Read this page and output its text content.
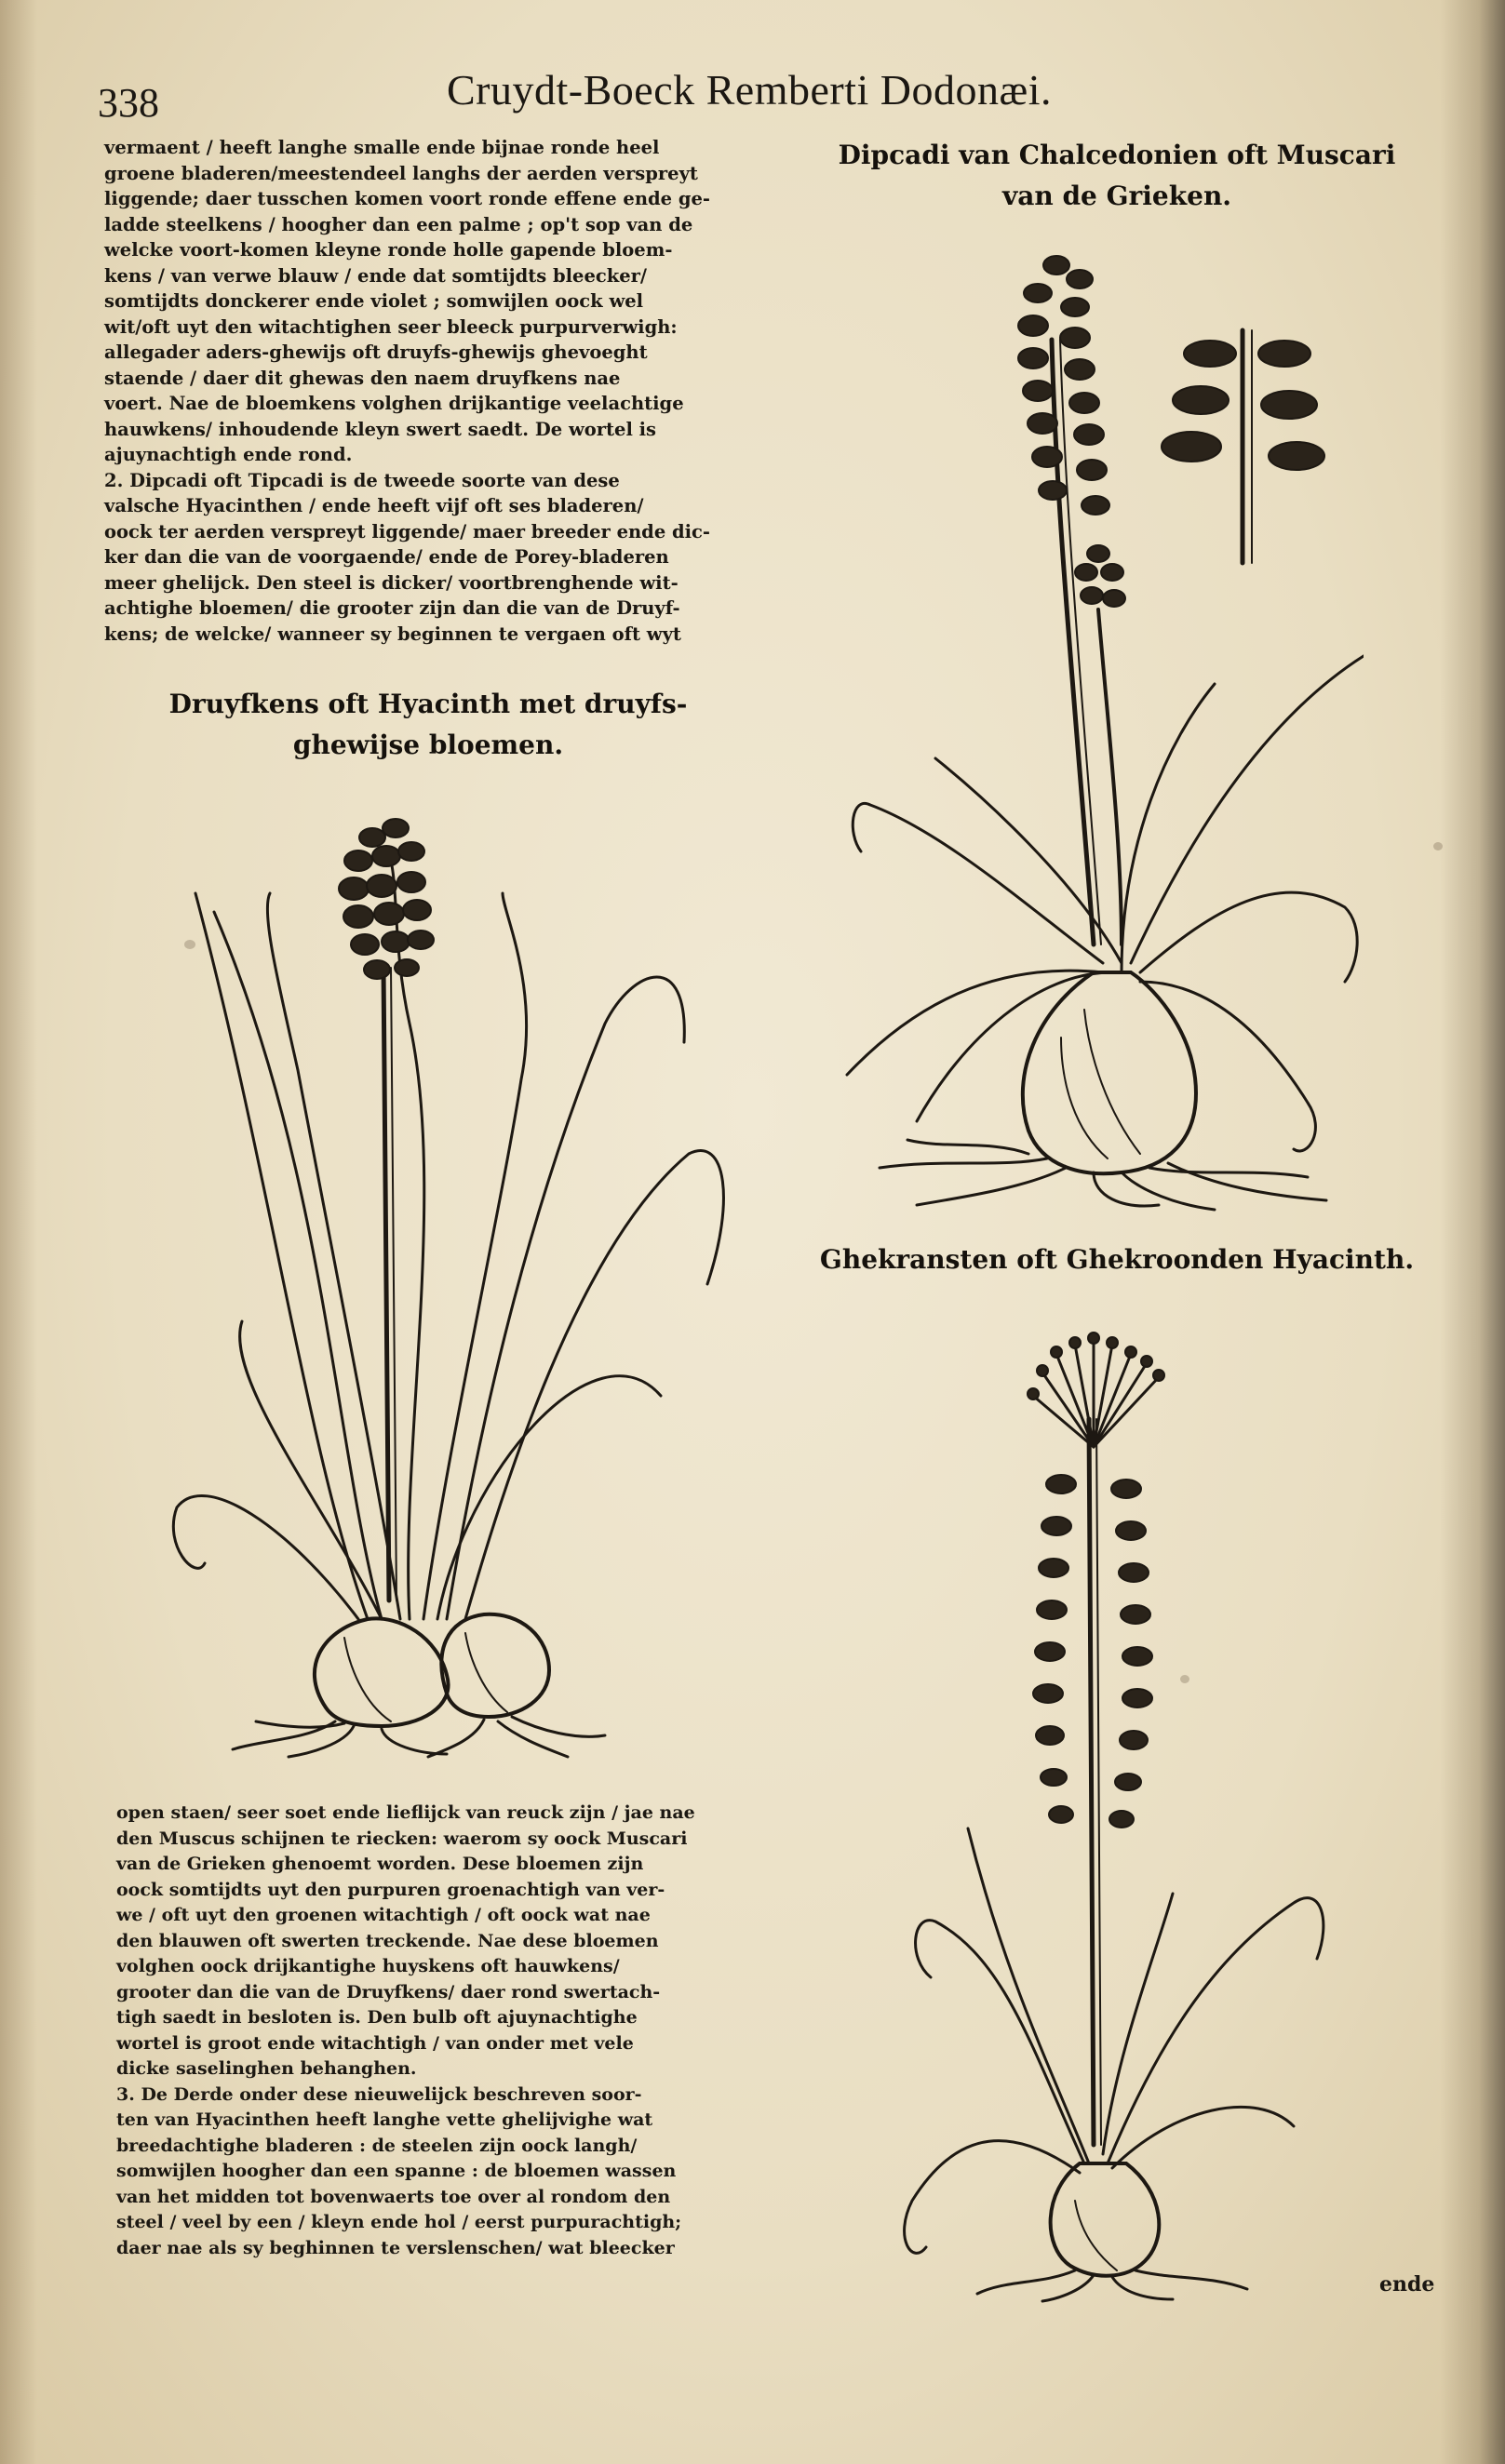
338	Cruydt-Boeck Remberti Dodonæi.

vermaent / heeft langhe smalle ende bijnae ronde heel

groene bladeren/meestendeel langhs der aerden verspreyt

liggende; daer tusschen komen voort ronde effene ende ge-

ladde steelkens / hoogher dan een palme ; op't sop van de

welcke voort-komen kleyne ronde holle gapende bloem-

kens / van verwe blauw / ende dat somtijdts bleecker/

somtijdts donckerer ende violet ; somwijlen oock wel

wit/oft uyt den witachtighen seer bleeck purpurverwigh:

allegader aders-ghewijs oft druyfs-ghewijs ghevoeght

staende / daer dit ghewas den naem druyfkens nae

voert. Nae de bloemkens volghen drijkantige veelachtige

hauwkens/ inhoudende kleyn swert saedt. De wortel is

ajuynachtigh ende rond.

2. Dipcadi oft Tipcadi is de tweede soorte van dese

valsche Hyacinthen / ende heeft vijf oft ses bladeren/

oock ter aerden verspreyt liggende/ maer breeder ende dic-

ker dan die van de voorgaende/ ende de Porey-bladeren

meer ghelijck. Den steel is dicker/ voortbrenghende wit-

achtighe bloemen/ die grooter zijn dan die van de Druyf-

kens; de welcke/ wanneer sy beginnen te vergaen oft wyt

Druyfkens oft Hyacinth met druyfs-
ghewijse bloemen.
Dipcadi van Chalcedonien oft Muscari
van de Grieken.
Ghekransten oft Ghekroonden Hyacinth.

open staen/ seer soet ende lieflijck van reuck zijn / jae nae

den Muscus schijnen te riecken: waerom sy oock Muscari

van de Grieken ghenoemt worden. Dese bloemen zijn

oock somtijdts uyt den purpuren groenachtigh van ver-

we / oft uyt den groenen witachtigh / oft oock wat nae

den blauwen oft swerten treckende. Nae dese bloemen

volghen oock drijkantighe huyskens oft hauwkens/

grooter dan die van de Druyfkens/ daer rond swertach-

tigh saedt in besloten is. Den bulb oft ajuynachtighe

wortel is groot ende witachtigh / van onder met vele

dicke saselinghen behanghen.

3. De Derde onder dese nieuwelijck beschreven soor-

ten van Hyacinthen heeft langhe vette ghelijvighe wat

breedachtighe bladeren : de steelen zijn oock langh/

somwijlen hoogher dan een spanne : de bloemen wassen

van het midden tot bovenwaerts toe over al rondom den

steel / veel by een / kleyn ende hol / eerst purpurachtigh;

daer nae als sy beghinnen te verslenschen/ wat bleecker

ende
